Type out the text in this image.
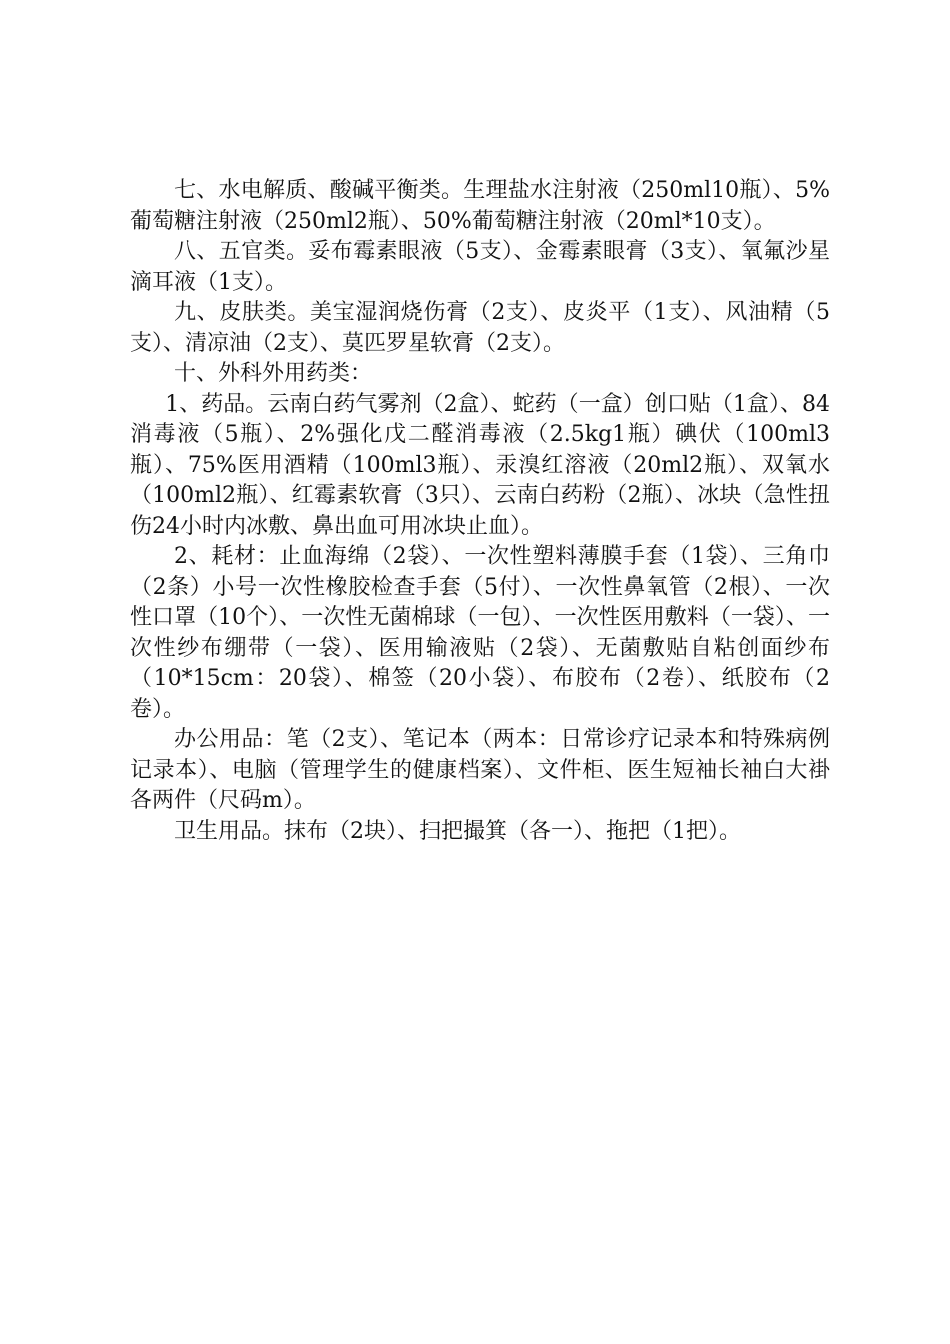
七、水电解质、酸碱平衡类。生理盐水注射液（250ml10瓶）、5%葡萄糖注射液（250ml2瓶）、50%葡萄糖注射液（20ml*10支）。

八、五官类。妥布霉素眼液（5支）、金霉素眼膏（3支）、氧氟沙星滴耳液（1支）。

九、皮肤类。美宝湿润烧伤膏（2支）、皮炎平（1支）、风油精（5支）、清凉油（2支）、莫匹罗星软膏（2支）。

十、外科外用药类：

1、药品。云南白药气雾剂（2盒）、蛇药（一盒）创口贴（1盒）、84消毒液（5瓶）、2%强化戊二醛消毒液（2.5kg1瓶）碘伏（100ml3瓶）、75%医用酒精（100ml3瓶）、汞溴红溶液（20ml2瓶）、双氧水（100ml2瓶）、红霉素软膏（3只）、云南白药粉（2瓶）、冰块（急性扭伤24小时内冰敷、鼻出血可用冰块止血）。

2、耗材：止血海绵（2袋）、一次性塑料薄膜手套（1袋）、三角巾（2条）小号一次性橡胶检查手套（5付）、一次性鼻氧管（2根）、一次性口罩（10个）、一次性无菌棉球（一包）、一次性医用敷料（一袋）、一次性纱布绷带（一袋）、医用输液贴（2袋）、无菌敷贴自粘创面纱布（10*15cm：20袋）、棉签（20小袋）、布胶布（2卷）、纸胶布（2卷）。

办公用品：笔（2支）、笔记本（两本：日常诊疗记录本和特殊病例记录本）、电脑（管理学生的健康档案）、文件柜、医生短袖长袖白大褂各两件（尺码m）。

卫生用品。抹布（2块）、扫把撮箕（各一）、拖把（1把）。
